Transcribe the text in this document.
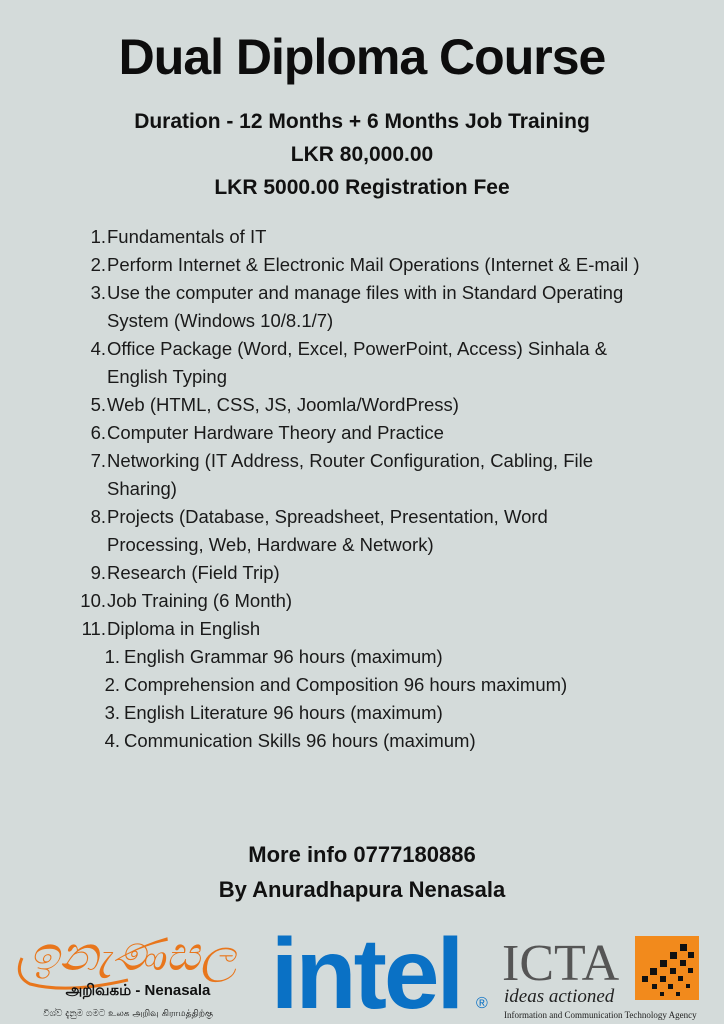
Dual Diploma Course
Duration - 12 Months + 6 Months Job Training
LKR 80,000.00
LKR 5000.00 Registration Fee
1. Fundamentals of IT
2. Perform Internet & Electronic Mail Operations (Internet & E-mail )
3. Use the computer and manage files with in Standard Operating System (Windows 10/8.1/7)
4. Office Package (Word, Excel, PowerPoint, Access) Sinhala & English Typing
5. Web (HTML, CSS, JS, Joomla/WordPress)
6. Computer Hardware Theory and Practice
7. Networking (IT Address, Router Configuration, Cabling, File Sharing)
8. Projects (Database, Spreadsheet, Presentation, Word Processing, Web, Hardware & Network)
9. Research (Field Trip)
10. Job Training (6 Month)
11. Diploma in English
1. English Grammar 96 hours (maximum)
2. Comprehension and Composition 96 hours maximum)
3. English Literature 96 hours (maximum)
4. Communication Skills 96 hours (maximum)
More info 0777180886
By Anuradhapura Nenasala
ඉනැණසල
அறிவகம் - Nenasala
විශ්ව දැනුම ගමට உலக அறிவு கிராமத்திற்கு intel ®
ICTA
ideas actioned
Information and Communication Technology Agency
